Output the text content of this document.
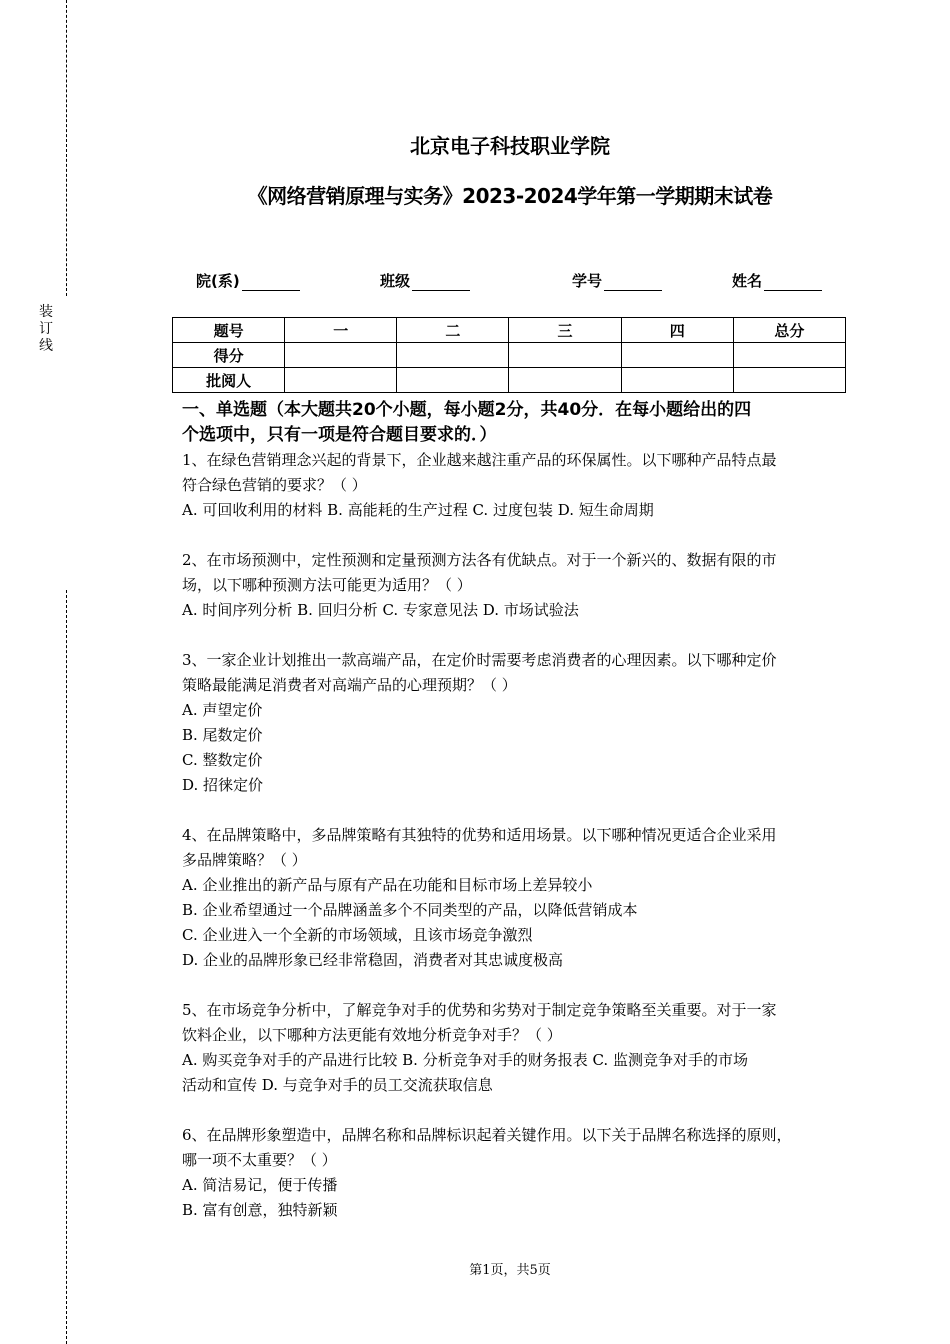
装
订
线
北京电子科技职业学院
《网络营销原理与实务》2023-2024学年第一学期期末试卷
院(系)	班级	学号	姓名
题号	一	二	三	四	总分
得分					
批阅人					

一、单选题（本大题共20个小题，每小题2分，共40分．在每小题给出的四

个选项中，只有一项是符合题目要求的．）

1、在绿色营销理念兴起的背景下，企业越来越注重产品的环保属性。以下哪种产品特点最

符合绿色营销的要求？（ ）

A. 可回收利用的材料 B. 高能耗的生产过程 C. 过度包装 D. 短生命周期

2、在市场预测中，定性预测和定量预测方法各有优缺点。对于一个新兴的、数据有限的市

场，以下哪种预测方法可能更为适用？（ ）

A. 时间序列分析 B. 回归分析 C. 专家意见法 D. 市场试验法

3、一家企业计划推出一款高端产品，在定价时需要考虑消费者的心理因素。以下哪种定价

策略最能满足消费者对高端产品的心理预期？（ ）

A. 声望定价

B. 尾数定价

C. 整数定价

D. 招徕定价

4、在品牌策略中，多品牌策略有其独特的优势和适用场景。以下哪种情况更适合企业采用

多品牌策略？（ ）

A. 企业推出的新产品与原有产品在功能和目标市场上差异较小

B. 企业希望通过一个品牌涵盖多个不同类型的产品，以降低营销成本

C. 企业进入一个全新的市场领域，且该市场竞争激烈

D. 企业的品牌形象已经非常稳固，消费者对其忠诚度极高

5、在市场竞争分析中，了解竞争对手的优势和劣势对于制定竞争策略至关重要。对于一家

饮料企业，以下哪种方法更能有效地分析竞争对手？（ ）

A. 购买竞争对手的产品进行比较 B. 分析竞争对手的财务报表 C. 监测竞争对手的市场

活动和宣传 D. 与竞争对手的员工交流获取信息

6、在品牌形象塑造中，品牌名称和品牌标识起着关键作用。以下关于品牌名称选择的原则，

哪一项不太重要？（ ）

A. 简洁易记，便于传播

B. 富有创意，独特新颖

第1页，共5页
